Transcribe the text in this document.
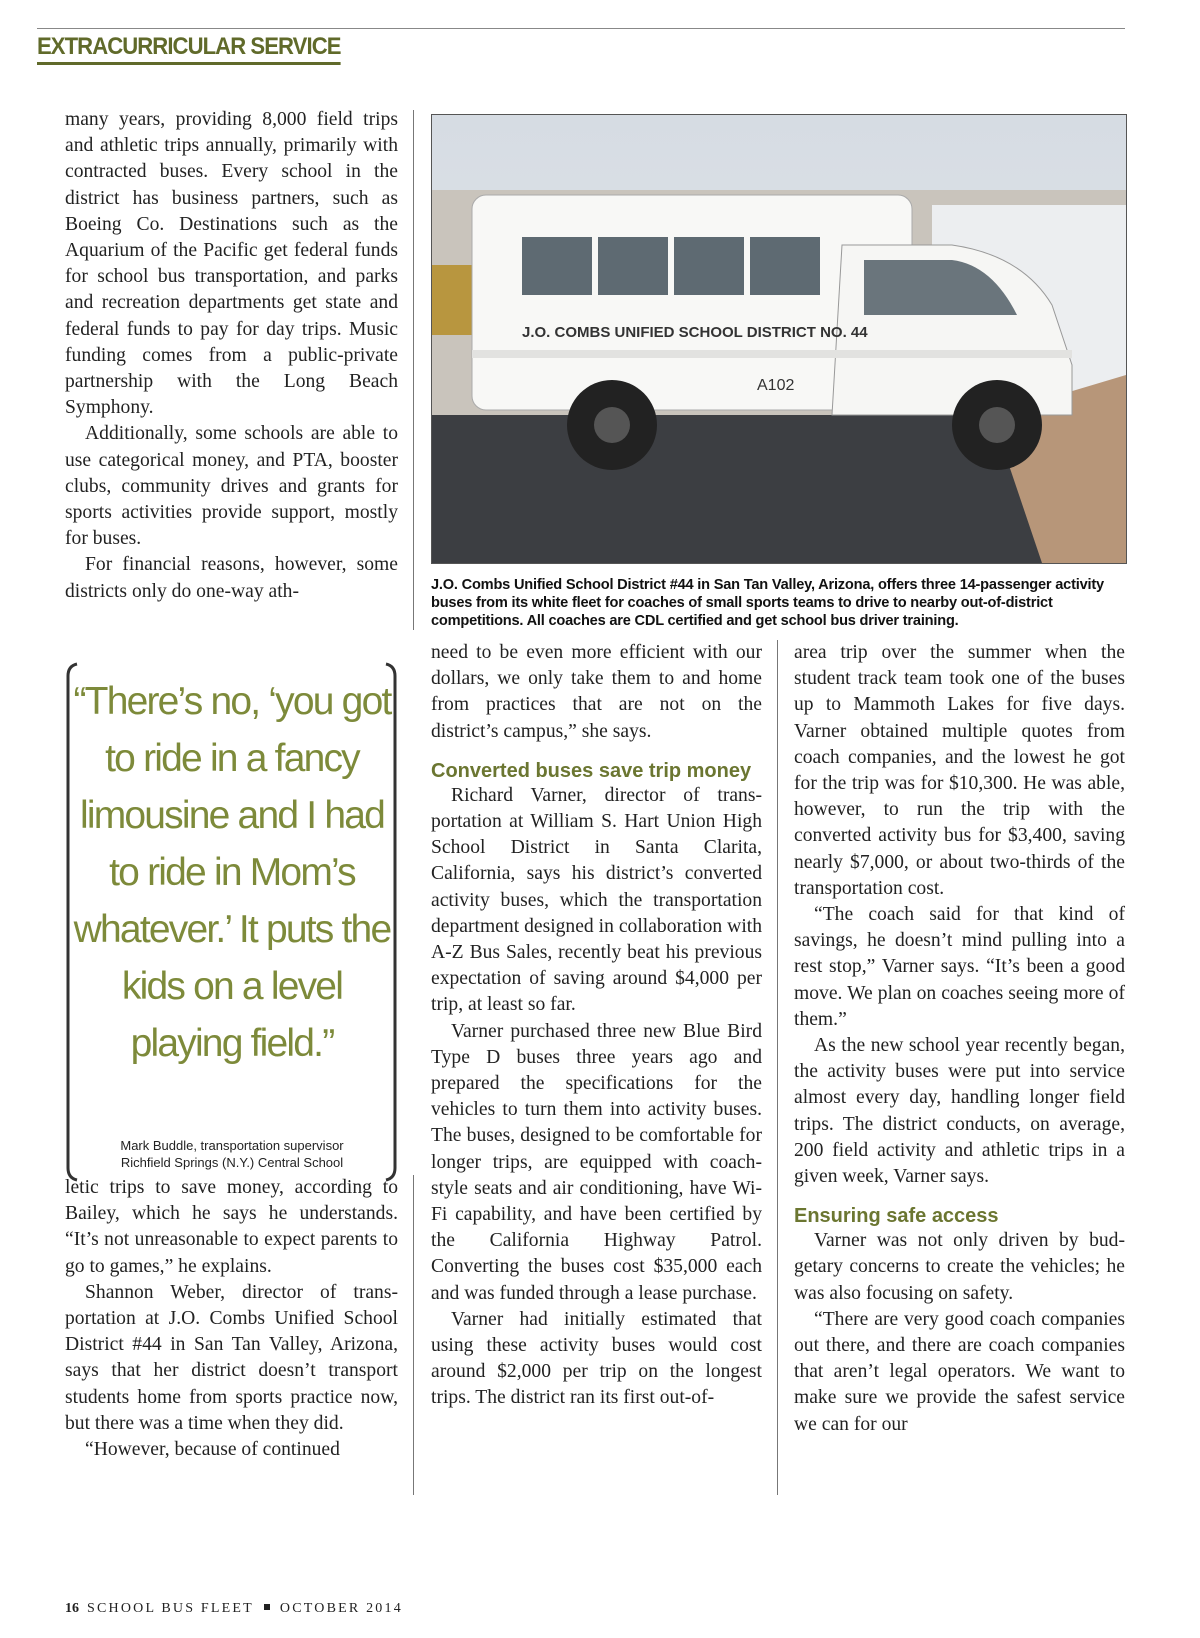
EXTRACURRICULAR SERVICE

many years, providing 8,000 field trips and athletic trips annually, primarily with contracted buses. Every school in the district has business partners, such as Boeing Co. Destinations such as the Aquarium of the Pacific get federal funds for school bus transportation, and parks and recreation departments get state and federal funds to pay for day trips. Music funding comes from a public-private partnership with the Long Beach Symphony.

Additionally, some schools are able to use categorical money, and PTA, booster clubs, community drives and grants for sports activities provide support, mostly for buses.

For financial reasons, however, some districts only do one-way ath-

“There’s no, ‘you got to ride in a fancy limousine and I had to ride in Mom’s whatever.’ It puts the kids on a level playing field.”
Mark Buddle, transportation supervisor
Richfield Springs (N.Y.) Central School

letic trips to save money, according to Bailey, which he says he understands. “It’s not unreasonable to expect parents to go to games,” he explains.

Shannon Weber, director of transportation at J.O. Combs Unified School District #44 in San Tan Valley, Arizona, says that her district doesn’t transport students home from sports practice now, but there was a time when they did.

“However, because of continued

J.O. COMBS UNIFIED SCHOOL DISTRICT NO. 44
A102
J.O. Combs Unified School District #44 in San Tan Valley, Arizona, offers three 14-passenger activity buses from its white fleet for coaches of small sports teams to drive to nearby out-of-district competitions. All coaches are CDL certified and get school bus driver training.

need to be even more efficient with our dollars, we only take them to and home from practices that are not on the district’s campus,” she says.

Converted buses save trip money

Richard Varner, director of transportation at William S. Hart Union High School District in Santa Clarita, California, says his district’s converted activity buses, which the transportation department designed in collaboration with A-Z Bus Sales, recently beat his previous expectation of saving around $4,000 per trip, at least so far.

Varner purchased three new Blue Bird Type D buses three years ago and prepared the specifications for the vehicles to turn them into activity buses. The buses, designed to be comfortable for longer trips, are equipped with coach-style seats and air conditioning, have Wi-Fi capability, and have been certified by the California Highway Patrol. Converting the buses cost $35,000 each and was funded through a lease purchase.

Varner had initially estimated that using these activity buses would cost around $2,000 per trip on the longest trips. The district ran its first out-of-

area trip over the summer when the student track team took one of the buses up to Mammoth Lakes for five days. Varner obtained multiple quotes from coach companies, and the lowest he got for the trip was for $10,300. He was able, however, to run the trip with the converted activity bus for $3,400, saving nearly $7,000, or about two-thirds of the transportation cost.

“The coach said for that kind of savings, he doesn’t mind pulling into a rest stop,” Varner says. “It’s been a good move. We plan on coaches seeing more of them.”

As the new school year recently began, the activity buses were put into service almost every day, handling longer field trips. The district conducts, on average, 200 field activity and athletic trips in a given week, Varner says.

Ensuring safe access

Varner was not only driven by budgetary concerns to create the vehicles; he was also focusing on safety.

“There are very good coach companies out there, and there are coach companies that aren’t legal operators. We want to make sure we provide the safest service we can for our

16 SCHOOL BUS FLEET OCTOBER 2014
